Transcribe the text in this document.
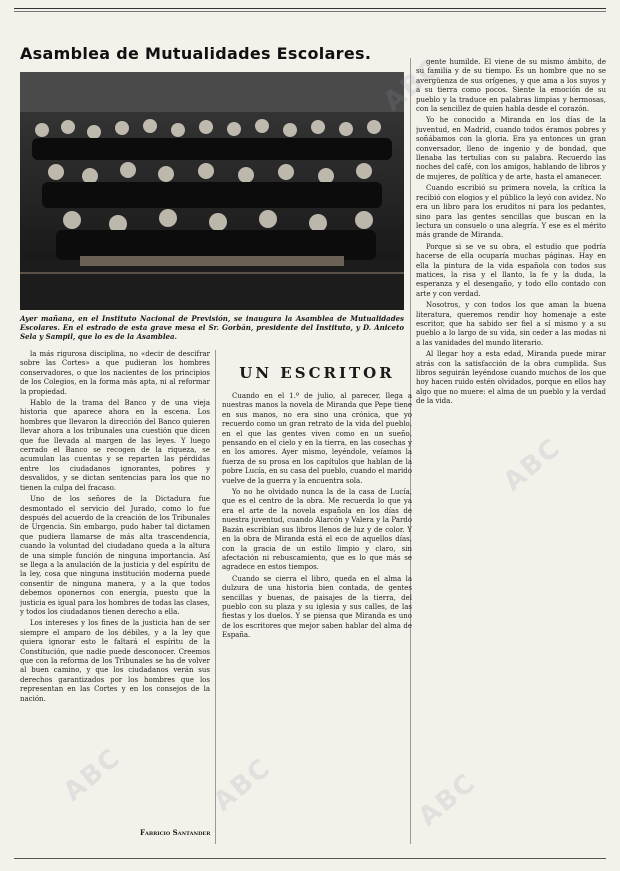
Asamblea de Mutualidades Escolares.
Ayer mañana, en el Instituto Nacional de Previsión, se inaugura la Asamblea de Mutualidades Escolares. En el estrado de esta grave mesa el Sr. Gorbán, presidente del Instituto, y D. Aniceto Sela y Sampil, que lo es de la Asamblea.

la más rigurosa disciplina, no «decir de descifrar sobre las Cortes» a que pudieran los hombres conservadores, o que los nacientes de los principios de los Colegios, en la forma más apta, ni al reformar la propiedad.

Hablo de la trama del Banco y de una vieja historia que aparece ahora en la escena. Los hombres que llevaron la dirección del Banco quieren llevar ahora a los tribunales una cuestión que dicen que fue llevada al margen de las leyes. Y luego cerrado el Banco se recogen de la riqueza, se acumulan las cuentas y se reparten las pérdidas entre los ciudadanos ignorantes, pobres y desvalidos, y se dictan sentencias para los que no tienen la culpa del fracaso.

Uno de los señores de la Dictadura fue desmontado el servicio del Jurado, como lo fue después del acuerdo de la creación de los Tribunales de Urgencia. Sin embargo, pudo haber tal dictamen que pudiera llamarse de más alta trascendencia, cuando la voluntad del ciudadano queda a la altura de una simple función de ninguna importancia. Así se llega a la anulación de la justicia y del espíritu de la ley, cosa que ninguna institución moderna puede consentir de ninguna manera, y a la que todos debemos oponernos con energía, puesto que la justicia es igual para los hombres de todas las clases, y todos los ciudadanos tienen derecho a ella.

Los intereses y los fines de la justicia han de ser siempre el amparo de los débiles, y a la ley que quiera ignorar esto le faltará el espíritu de la Constitución, que nadie puede desconocer. Creemos que con la reforma de los Tribunales se ha de volver al buen camino, y que los ciudadanos verán sus derechos garantizados por los hombres que los representan en las Cortes y en los consejos de la nación.

Fabricio Santander
UN ESCRITOR

Cuando en el 1.º de julio, al parecer, llega a nuestras manos la novela de Miranda que Pepe tiene en sus manos, no era sino una crónica, que yo recuerdo como un gran retrato de la vida del pueblo, en el que las gentes viven como en un sueño, pensando en el cielo y en la tierra, en las cosechas y en los amores. Ayer mismo, leyéndole, veíamos la fuerza de su prosa en los capítulos que hablan de la pobre Lucía, en su casa del pueblo, cuando el marido vuelve de la guerra y la encuentra sola.

Yo no he olvidado nunca la de la casa de Lucía, que es el centro de la obra. Me recuerda lo que ya era el arte de la novela española en los días de nuestra juventud, cuando Alarcón y Valera y la Pardo Bazán escribían sus libros llenos de luz y de color. Y en la obra de Miranda está el eco de aquellos días, con la gracia de un estilo limpio y claro, sin afectación ni rebuscamiento, que es lo que más se agradece en estos tiempos.

Cuando se cierra el libro, queda en el alma la dulzura de una historia bien contada, de gentes sencillas y buenas, de paisajes de la tierra, del pueblo con su plaza y su iglesia y sus calles, de las fiestas y los duelos. Y se piensa que Miranda es uno de los escritores que mejor saben hablar del alma de España.

gente humilde. El viene de su mismo ámbito, de su familia y de su tiempo. Es un hombre que no se avergüenza de sus orígenes, y que ama a los suyos y a su tierra como pocos. Siente la emoción de su pueblo y la traduce en palabras limpias y hermosas, con la sencillez de quien habla desde el corazón.

Yo he conocido a Miranda en los días de la juventud, en Madrid, cuando todos éramos pobres y soñábamos con la gloria. Era ya entonces un gran conversador, lleno de ingenio y de bondad, que llenaba las tertulias con su palabra. Recuerdo las noches del café, con los amigos, hablando de libros y de mujeres, de política y de arte, hasta el amanecer.

Cuando escribió su primera novela, la crítica la recibió con elogios y el público la leyó con avidez. No era un libro para los eruditos ni para los pedantes, sino para las gentes sencillas que buscan en la lectura un consuelo o una alegría. Y ese es el mérito más grande de Miranda.

Porque si se ve su obra, el estudio que podría hacerse de ella ocuparía muchas páginas. Hay en ella la pintura de la vida española con todos sus matices, la risa y el llanto, la fe y la duda, la esperanza y el desengaño, y todo ello contado con arte y con verdad.

Nosotros, y con todos los que aman la buena literatura, queremos rendir hoy homenaje a este escritor, que ha sabido ser fiel a sí mismo y a su pueblo a lo largo de su vida, sin ceder a las modas ni a las vanidades del mundo literario.

Al llegar hoy a esta edad, Miranda puede mirar atrás con la satisfacción de la obra cumplida. Sus libros seguirán leyéndose cuando muchos de los que hoy hacen ruido estén olvidados, porque en ellos hay algo que no muere: el alma de un pueblo y la verdad de la vida.

ABC
ABC	ABC
ABC
ABC
